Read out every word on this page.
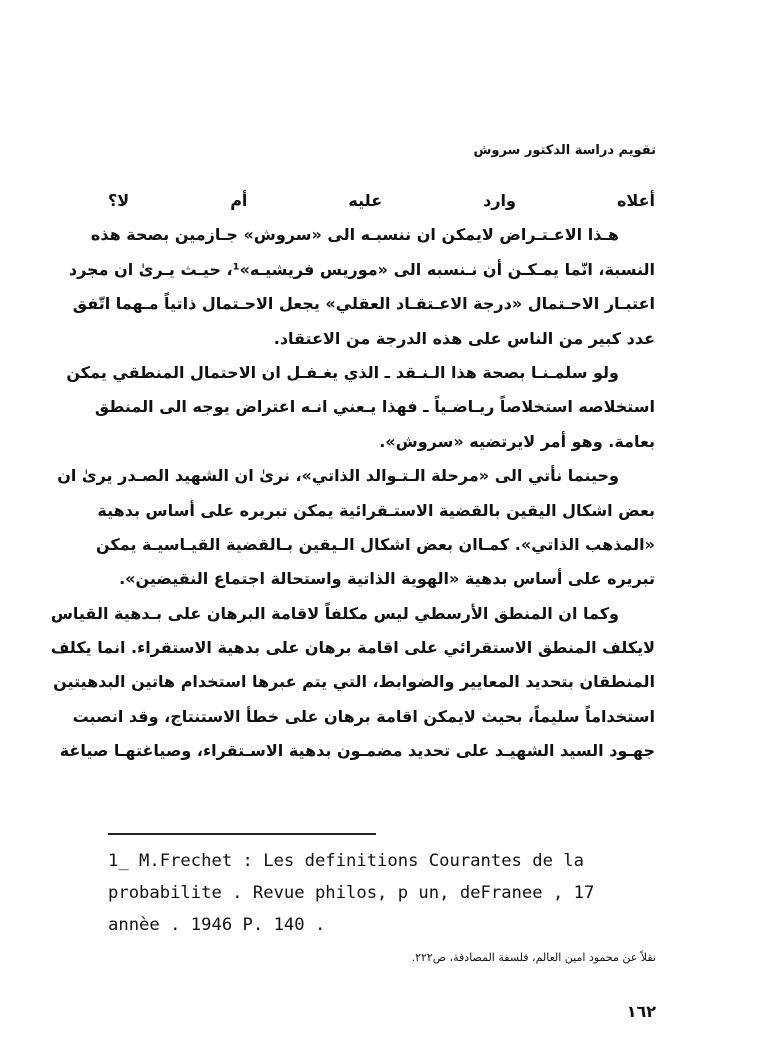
تقويم دراسة الدكتور سروش
أعلاه وارد عليه أم لا؟
هـذا الاعـتـراض لايمكن ان ننسبـه الى «سروش» جـازمين بصحة هذه
النسبة، انّما يمـكـن أن نـنسبه الى «موريس فريشيـه»¹، حيـث يـرىٰ ان مجرد
اعتبـار الاحـتمال «درجة الاعـتقـاد العقلي» يجعل الاحـتمال ذاتياً مـهما اتّفق
عدد كبير من الناس على هذه الدرجة من الاعتقاد.
ولو سلمـنـا بصحة هذا الـنـقد ـ الذي يغـفـل ان الاحتمال المنطقي يمكن
استخلاصه استخلاصاً ريـاضـياً ـ فهذا يـعني انـه اعتراض يوجه الى المنطق
بعامة. وهو أمر لايرتضيه «سروش».
وحينما نأتي الى «مرحلة الـتـوالد الذاتي»، نرىٰ ان الشهيد الصـدر يرىٰ ان
بعض اشكال اليقين بالقضية الاستـقرائية يمكن تبريره على أساس بدهية
«المذهب الذاتي». كمـاان بعض اشكال الـيقين بـالقضية القيـاسيـة يمكن
تبريره على أساس بدهية «الهوية الذاتية واستحالة اجتماع النقيضين».
وكما ان المنطق الأرسطي ليس مكلفاً لاقامة البرهان على بـدهية القياس
لايكلف المنطق الاستقرائي على اقامة برهان على بدهية الاستقراء. انما يكلف
المنطقان بتحديد المعايير والضوابط، التي يتم عبرها استخدام هاتين البدهيتين
استخداماً سليماً، بحيث لايمكن اقامة برهان على خطأ الاستنتاج، وقد انصبت
جهـود السيد الشهيـد على تحديد مضمـون بدهية الاسـتقراء، وصياغتهـا صياغة
1_ M.Frechet : Les definitions Courantes de la
probabilite . Revue philos, p un, deFranee , 17
annèe . 1946 P. 140 .
نقلاً عن محمود امين العالم، فلسفة المصادفة، ص٢٢٢.
١٦٢
